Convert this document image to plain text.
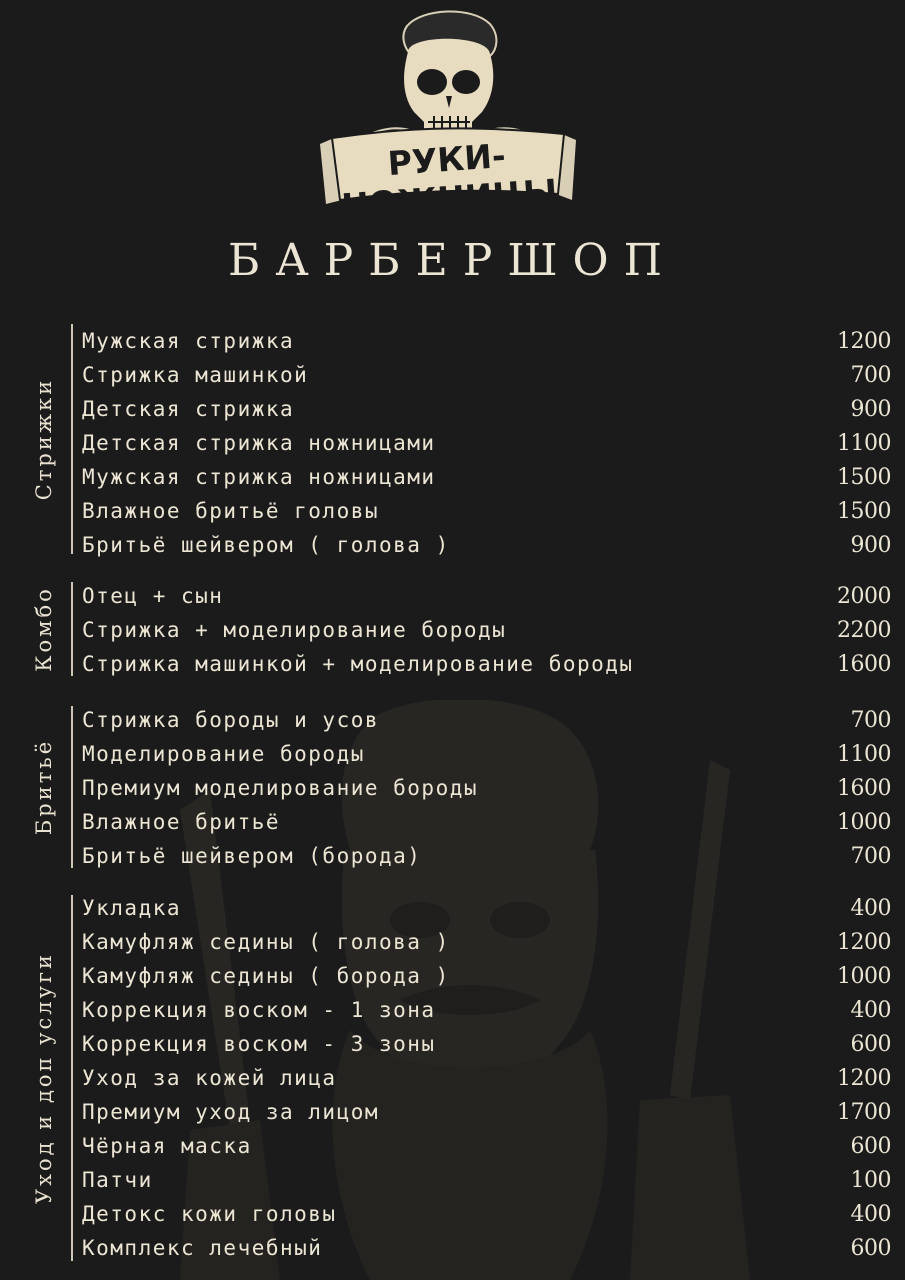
РУКИ-НОЖНИЦЫ
БАРБЕРШОП
Стрижки
Мужская стрижка	1200
Стрижка машинкой	700
Детская стрижка	900
Детская стрижка ножницами	1100
Мужская стрижка ножницами	1500
Влажное бритьё головы	1500
Бритьё шейвером ( голова )	900
Комбо Отец + сын	2000
Стрижка + моделирование бороды	2200
Стрижка машинкой + моделирование бороды	1600
Бритьё
Стрижка бороды и усов	700
Моделирование бороды	1100
Премиум моделирование бороды	1600
Влажное бритьё	1000
Бритьё шейвером (борода)	700
Уход и доп услуги
Укладка	400
Камуфляж седины ( голова )	1200
Камуфляж седины ( борода )	1000
Коррекция воском - 1 зона	400
Коррекция воском - 3 зоны	600
Уход за кожей лица	1200
Премиум уход за лицом	1700
Чёрная маска	600
Патчи	100
Детокс кожи головы	400
Комплекс лечебный	600
